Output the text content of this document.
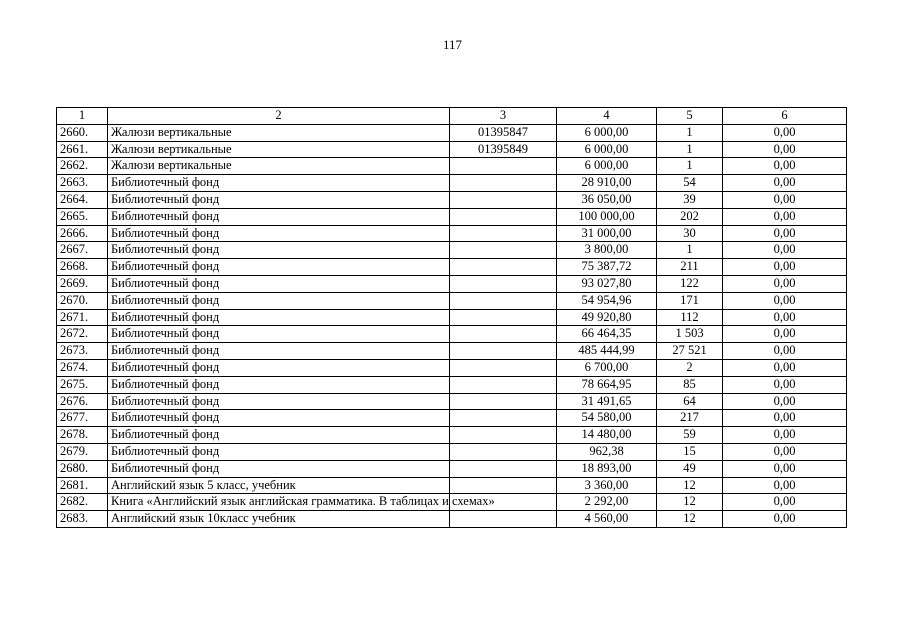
117
1	2	3	4	5	6
2660.	Жалюзи вертикальные	01395847	6 000,00	1	0,00
2661.	Жалюзи вертикальные	01395849	6 000,00	1	0,00
2662.	Жалюзи вертикальные		6 000,00	1	0,00
2663.	Библиотечный фонд		28 910,00	54	0,00
2664.	Библиотечный фонд		36 050,00	39	0,00
2665.	Библиотечный фонд		100 000,00	202	0,00
2666.	Библиотечный фонд		31 000,00	30	0,00
2667.	Библиотечный фонд		3 800,00	1	0,00
2668.	Библиотечный фонд		75 387,72	211	0,00
2669.	Библиотечный фонд		93 027,80	122	0,00
2670.	Библиотечный фонд		54 954,96	171	0,00
2671.	Библиотечный фонд		49 920,80	112	0,00
2672.	Библиотечный фонд		66 464,35	1 503	0,00
2673.	Библиотечный фонд		485 444,99	27 521	0,00
2674.	Библиотечный фонд		6 700,00	2	0,00
2675.	Библиотечный фонд		78 664,95	85	0,00
2676.	Библиотечный фонд		31 491,65	64	0,00
2677.	Библиотечный фонд		54 580,00	217	0,00
2678.	Библиотечный фонд		14 480,00	59	0,00
2679.	Библиотечный фонд		962,38	15	0,00
2680.	Библиотечный фонд		18 893,00	49	0,00
2681.	Английский язык 5 класс, учебник		3 360,00	12	0,00
2682.	Книга «Английский язык английская грамматика. В таблицах и схемах»		2 292,00	12	0,00
2683.	Английский язык 10класс учебник		4 560,00	12	0,00
